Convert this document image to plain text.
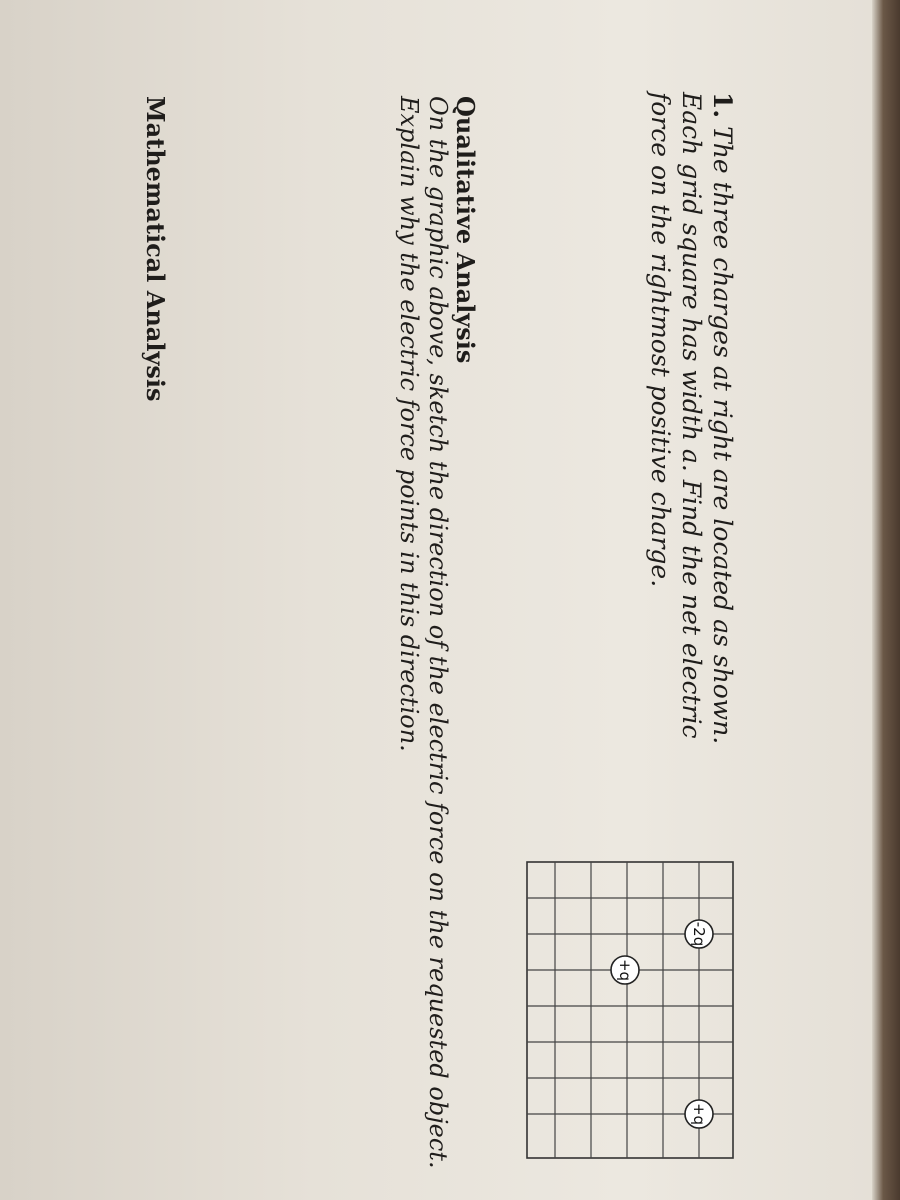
1.The three charges at right are located as shown. Each grid square has width a. Find the net electric force on the rightmost positive charge.
-2q
+q
+q
Qualitative Analysis
On the graphic above, sketch the direction of the electric force on the requested object. Explain why the electric force points in this direction.
Mathematical Analysis
